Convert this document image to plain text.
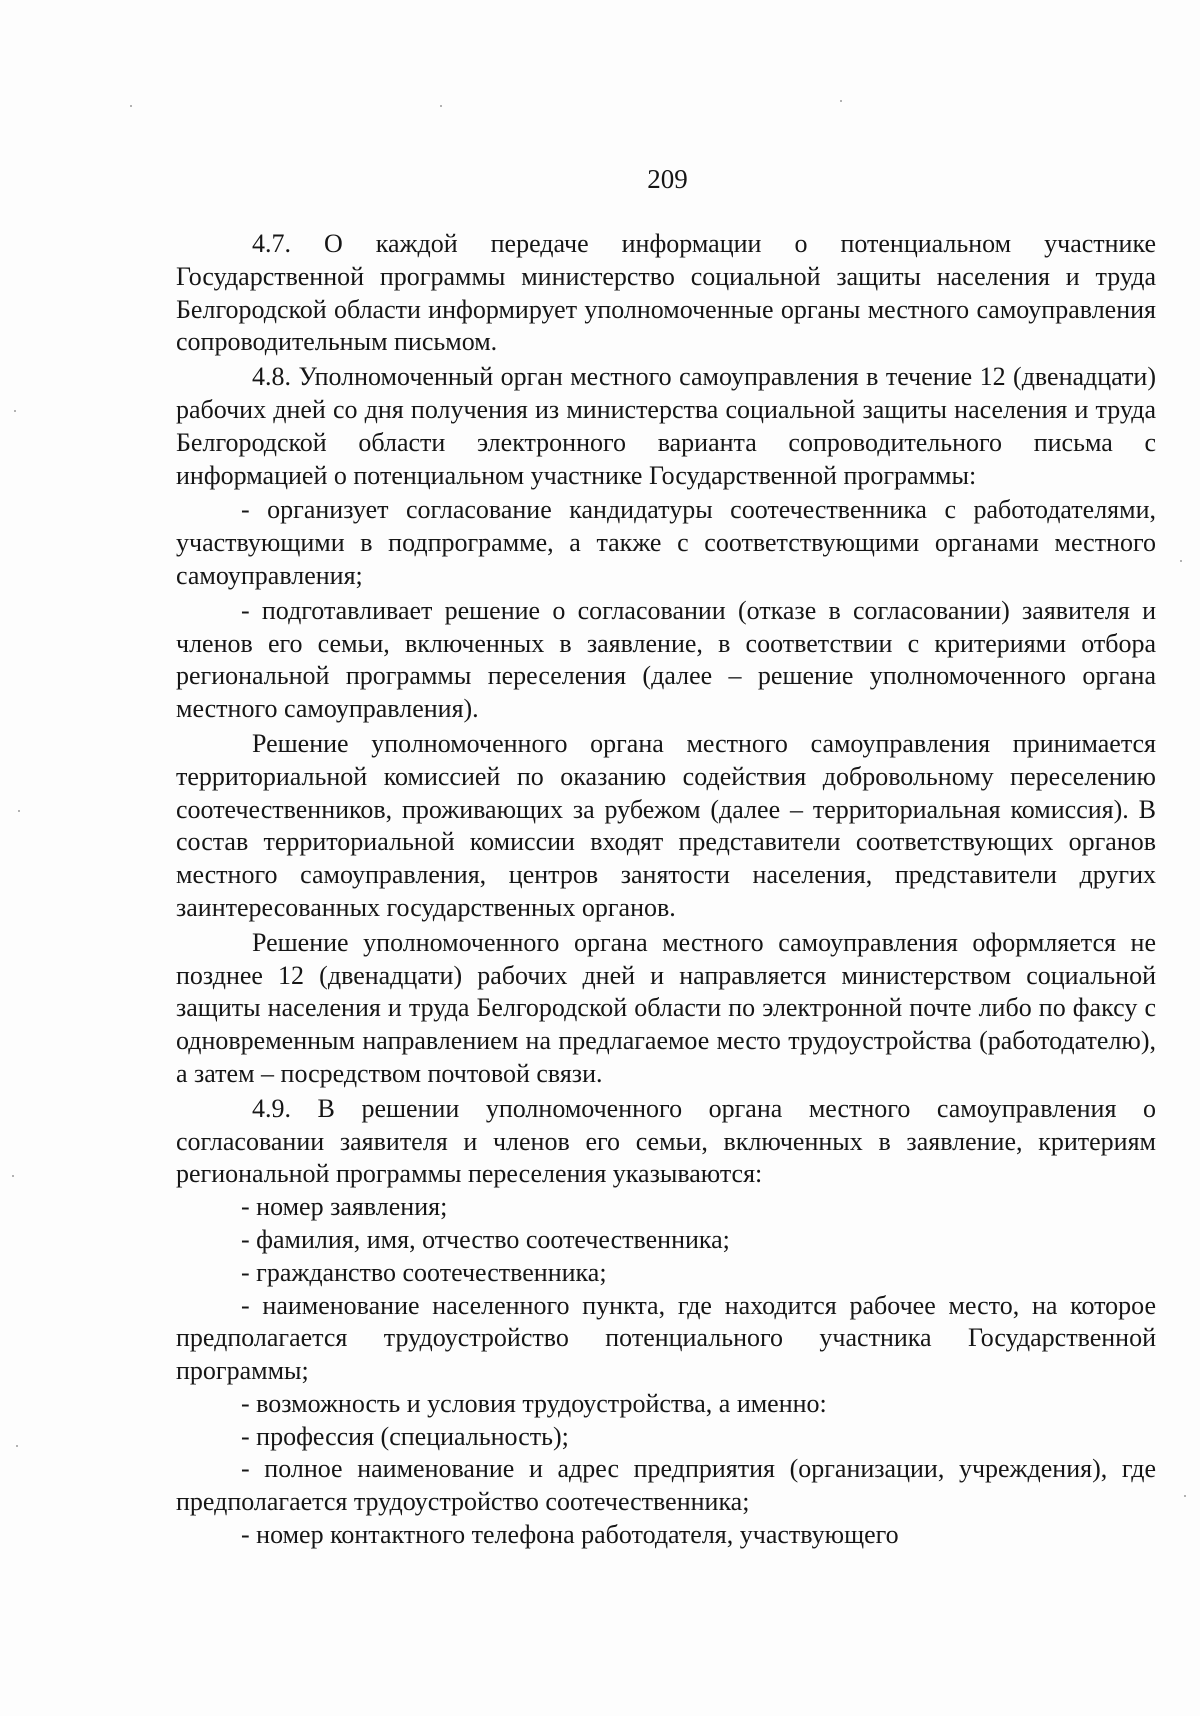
209

4.7. О каждой передаче информации о потенциальном участнике Государственной программы министерство социальной защиты населения и труда Белгородской области информирует уполномоченные органы местного самоуправления сопроводительным письмом.

4.8. Уполномоченный орган местного самоуправления в течение 12 (двенадцати) рабочих дней со дня получения из министерства социальной защиты населения и труда Белгородской области электронного варианта сопроводительного письма с информацией о потенциальном участнике Государственной программы:

- организует согласование кандидатуры соотечественника с работодателями, участвующими в подпрограмме, а также с соответствующими органами местного самоуправления;

- подготавливает решение о согласовании (отказе в согласовании) заявителя и членов его семьи, включенных в заявление, в соответствии с критериями отбора региональной программы переселения (далее – решение уполномоченного органа местного самоуправления).

Решение уполномоченного органа местного самоуправления принимается территориальной комиссией по оказанию содействия добровольному переселению соотечественников, проживающих за рубежом (далее – территориальная комиссия). В состав территориальной комиссии входят представители соответствующих органов местного самоуправления, центров занятости населения, представители других заинтересованных государственных органов.

Решение уполномоченного органа местного самоуправления оформляется не позднее 12 (двенадцати) рабочих дней и направляется министерством социальной защиты населения и труда Белгородской области по электронной почте либо по факсу с одновременным направлением на предлагаемое место трудоустройства (работодателю), а затем – посредством почтовой связи.

4.9. В решении уполномоченного органа местного самоуправления о согласовании заявителя и членов его семьи, включенных в заявление, критериям региональной программы переселения указываются:

- номер заявления;

- фамилия, имя, отчество соотечественника;

- гражданство соотечественника;

- наименование населенного пункта, где находится рабочее место, на которое предполагается трудоустройство потенциального участника Государственной программы;

- возможность и условия трудоустройства, а именно:

- профессия (специальность);

- полное наименование и адрес предприятия (организации, учреждения), где предполагается трудоустройство соотечественника;

- номер контактного телефона работодателя, участвующего
